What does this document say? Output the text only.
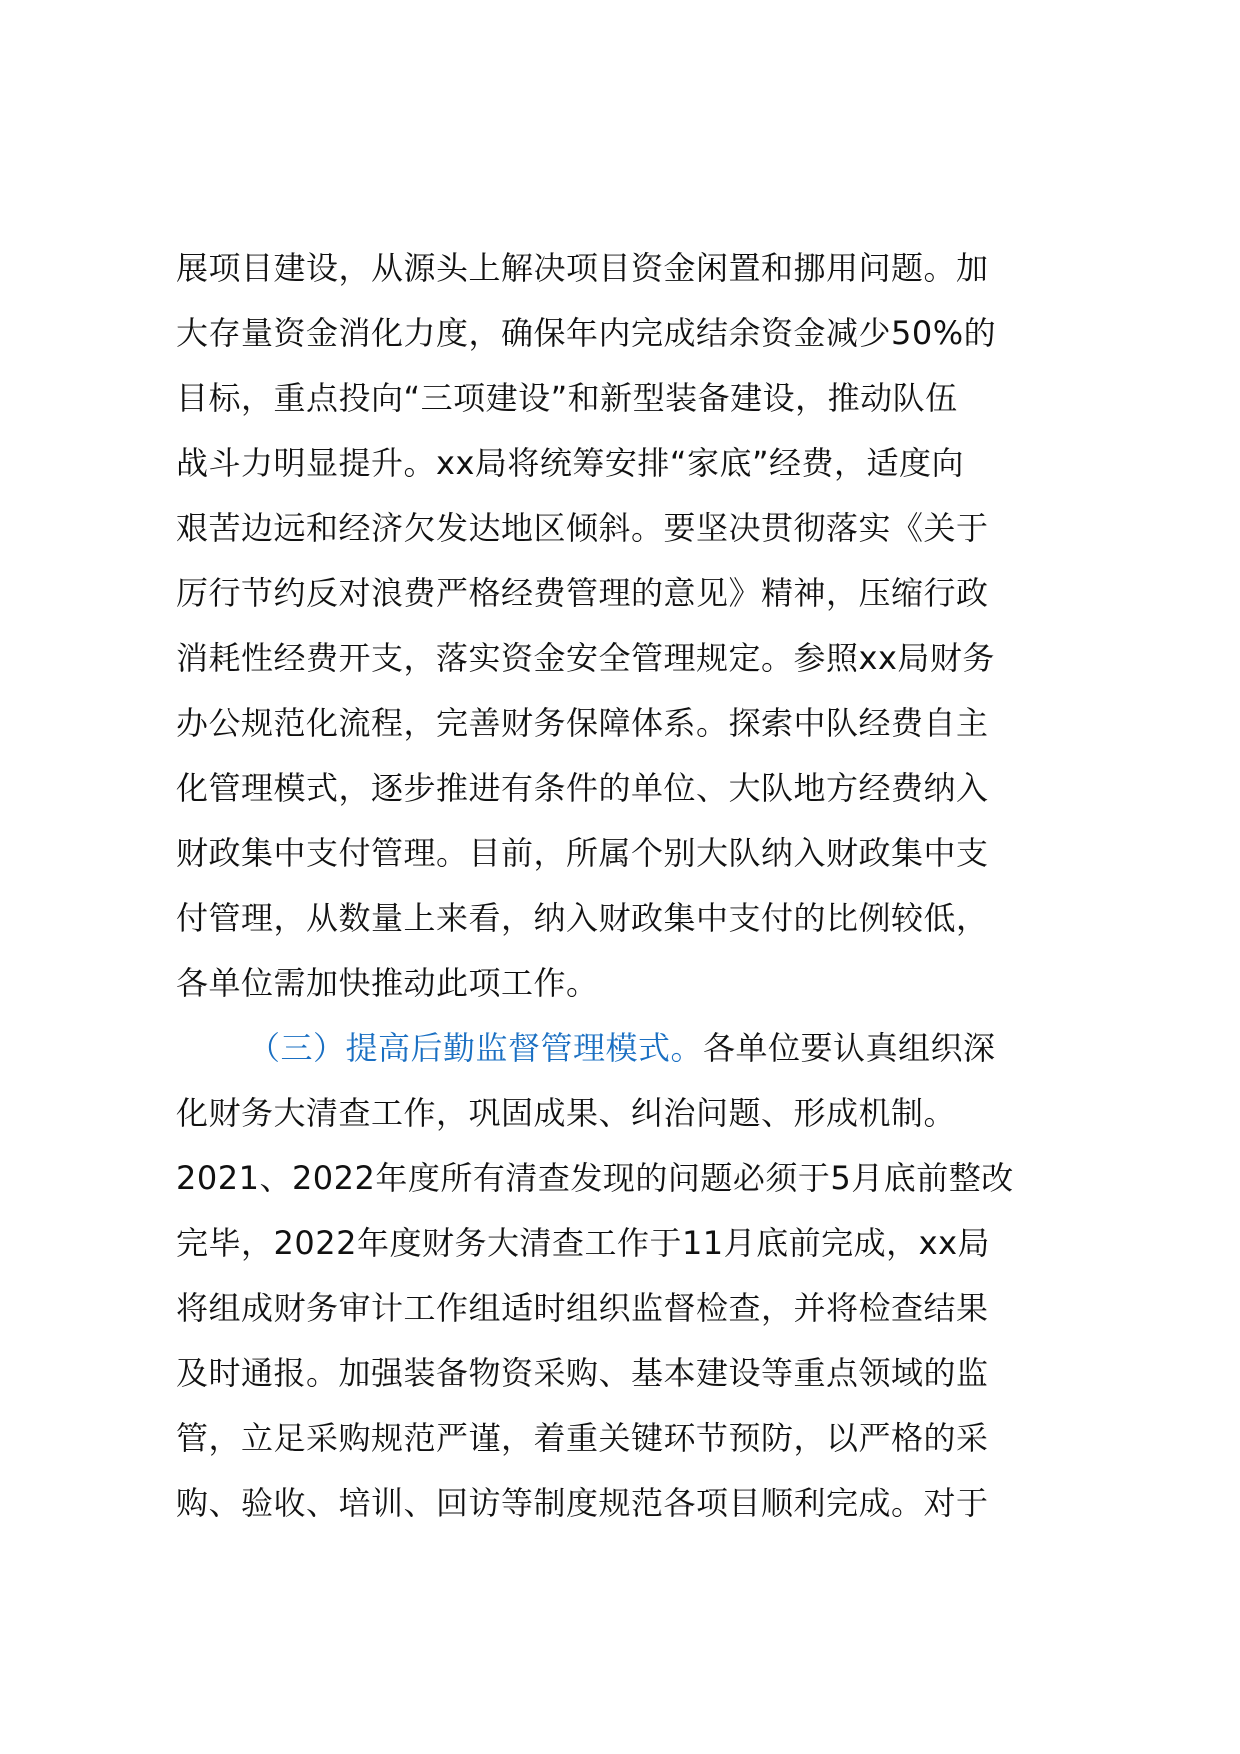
展项目建设，从源头上解决项目资金闲置和挪用问题。加
大存量资金消化力度，确保年内完成结余资金减少50%的
目标，重点投向“三项建设”和新型装备建设，推动队伍
战斗力明显提升。xx局将统筹安排“家底”经费，适度向
艰苦边远和经济欠发达地区倾斜。要坚决贯彻落实《关于
厉行节约反对浪费严格经费管理的意见》精神，压缩行政
消耗性经费开支，落实资金安全管理规定。参照xx局财务
办公规范化流程，完善财务保障体系。探索中队经费自主
化管理模式，逐步推进有条件的单位、大队地方经费纳入
财政集中支付管理。目前，所属个别大队纳入财政集中支
付管理，从数量上来看，纳入财政集中支付的比例较低，
各单位需加快推动此项工作。
（三）提高后勤监督管理模式。各单位要认真组织深
化财务大清查工作，巩固成果、纠治问题、形成机制。
2021、2022年度所有清查发现的问题必须于5月底前整改
完毕，2022年度财务大清查工作于11月底前完成，xx局
将组成财务审计工作组适时组织监督检查，并将检查结果
及时通报。加强装备物资采购、基本建设等重点领域的监
管，立足采购规范严谨，着重关键环节预防，以严格的采
购、验收、培训、回访等制度规范各项目顺利完成。对于
